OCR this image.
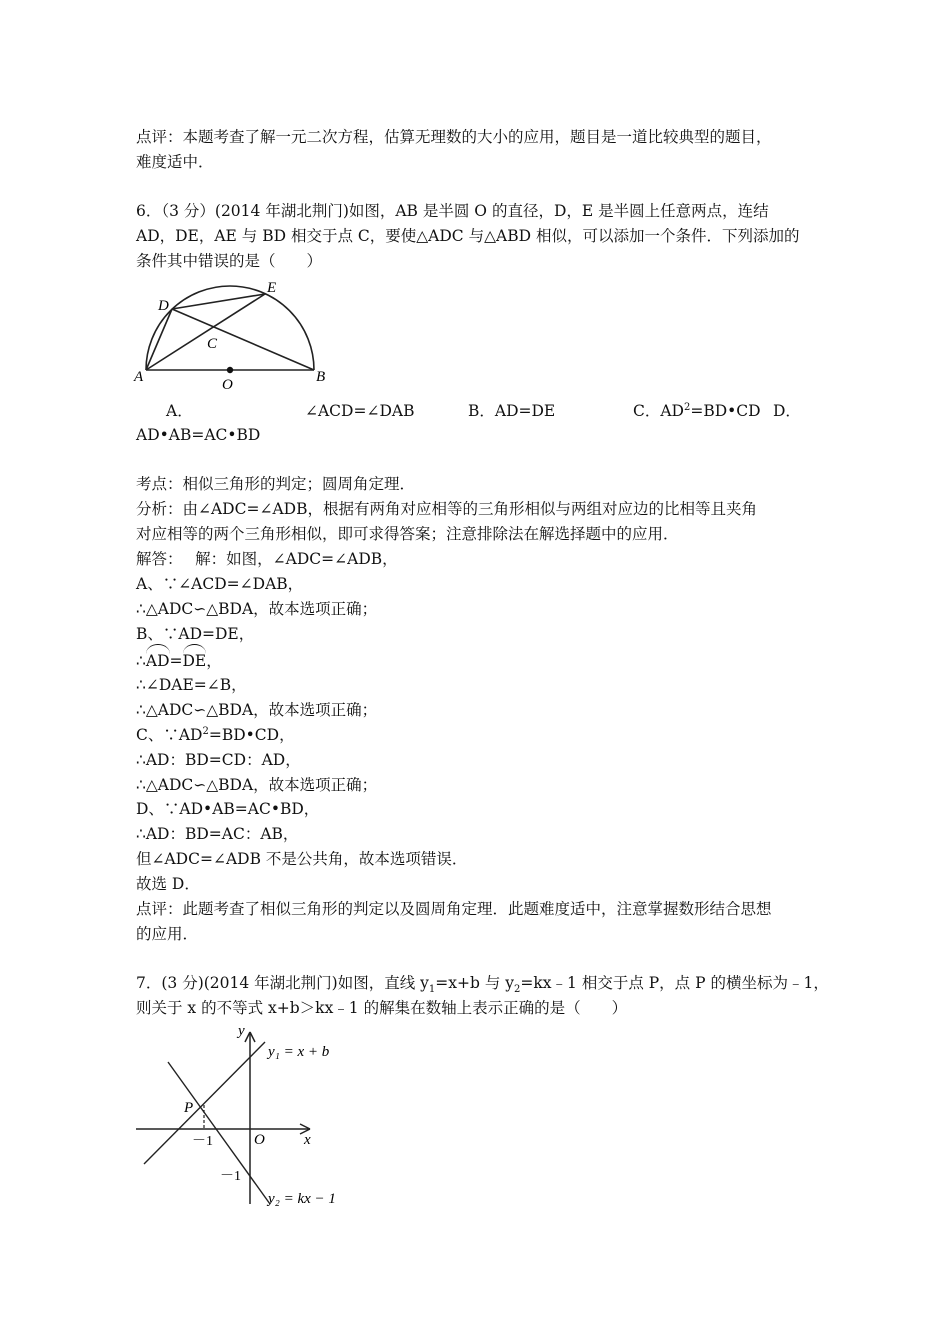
点评：本题考查了解一元二次方程，估算无理数的大小的应用，题目是一道比较典型的题目，
难度适中．
6．（3 分）(2014 年湖北荆门)如图，AB 是半圆 O 的直径，D，E 是半圆上任意两点，连结
AD，DE，AE 与 BD 相交于点 C，要使△ADC 与△ABD 相似，可以添加一个条件．下列添加的
条件其中错误的是（　　）
D
E
C
A	O	B
A．	∠ACD=∠DAB	B．AD=DE	C．$AD^2=BD•CD$ D．
AD•AB=AC•BD
考点：相似三角形的判定；圆周角定理．
分析：由∠ADC=∠ADB，根据有两角对应相等的三角形相似与两组对应边的比相等且夹角
对应相等的两个三角形相似，即可求得答案；注意排除法在解选择题中的应用．
解答：　 解：如图，∠ADC=∠ADB，
A、∵∠ACD=∠DAB，
∴△ADC∽△BDA，故本选项正确；
B、∵AD=DE，
∴AD=DE，
∴∠DAE=∠B，
∴△ADC∽△BDA，故本选项正确；
C、$\because AD^2=BD•CD$，
∴AD：BD=CD：AD，
∴△ADC∽△BDA，故本选项正确；
D、∵AD•AB=AC•BD，
∴AD：BD=AC：AB，
但∠ADC=∠ADB 不是公共角，故本选项错误．
故选 D．
点评：此题考查了相似三角形的判定以及圆周角定理．此题难度适中，注意掌握数形结合思想
的应用．
7．(3 分)(2014 年湖北荆门)如图，直线 $y_1=x+b$ 与 $y_2=kx﹣1$ 相交于点 P，点 P 的横坐标为﹣1，
则关于 x 的不等式 x+b＞kx﹣1 的解集在数轴上表示正确的是（　　）
y
x
O
P
－1
－1
y₁ = x + b
y₂ = kx − 1
